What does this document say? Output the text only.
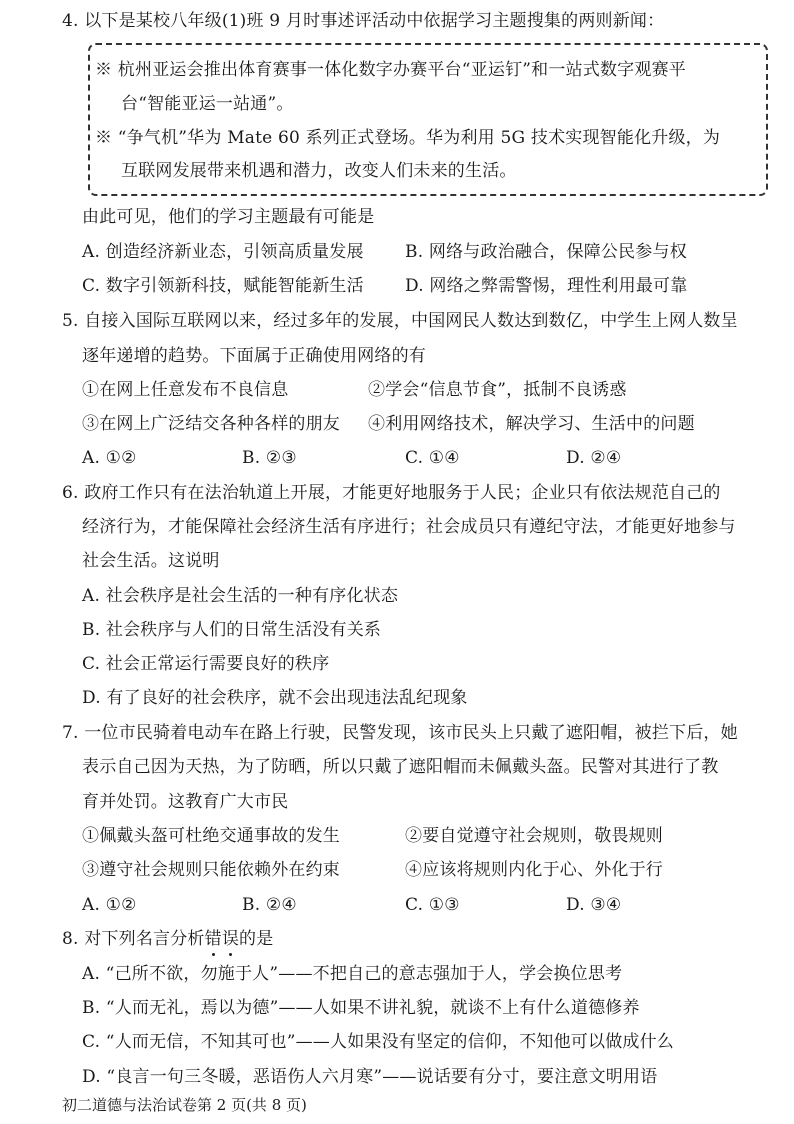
4. 以下是某校八年级(1)班 9 月时事述评活动中依据学习主题搜集的两则新闻：
※ 杭州亚运会推出体育赛事一体化数字办赛平台“亚运钉”和一站式数字观赛平
台“智能亚运一站通”。
※ “争气机”华为 Mate 60 系列正式登场。华为利用 5G 技术实现智能化升级，为
互联网发展带来机遇和潜力，改变人们未来的生活。
由此可见，他们的学习主题最有可能是
A. 创造经济新业态，引领高质量发展 B. 网络与政治融合，保障公民参与权
C. 数字引领新科技，赋能智能新生活 D. 网络之弊需警惕，理性利用最可靠
5. 自接入国际互联网以来，经过多年的发展，中国网民人数达到数亿，中学生上网人数呈
逐年递增的趋势。下面属于正确使用网络的有
①在网上任意发布不良信息	②学会“信息节食”，抵制不良诱惑
③在网上广泛结交各种各样的朋友 ④利用网络技术，解决学习、生活中的问题
A. ①②	B. ②③	C. ①④	D. ②④
6. 政府工作只有在法治轨道上开展，才能更好地服务于人民；企业只有依法规范自己的
经济行为，才能保障社会经济生活有序进行；社会成员只有遵纪守法，才能更好地参与
社会生活。这说明
A. 社会秩序是社会生活的一种有序化状态
B. 社会秩序与人们的日常生活没有关系
C. 社会正常运行需要良好的秩序
D. 有了良好的社会秩序，就不会出现违法乱纪现象
7. 一位市民骑着电动车在路上行驶，民警发现，该市民头上只戴了遮阳帽，被拦下后，她
表示自己因为天热，为了防晒，所以只戴了遮阳帽而未佩戴头盔。民警对其进行了教
育并处罚。这教育广大市民
①佩戴头盔可杜绝交通事故的发生	②要自觉遵守社会规则，敬畏规则
③遵守社会规则只能依赖外在约束	④应该将规则内化于心、外化于行
A. ①②	B. ②④	C. ①③	D. ③④
8. 对下列名言分析错
误
的是
A. “己所不欲，勿施于人”——不把自己的意志强加于人，学会换位思考
B. “人而无礼，焉以为德”——人如果不讲礼貌，就谈不上有什么道德修养
C. “人而无信，不知其可也”——人如果没有坚定的信仰，不知他可以做成什么
D. “良言一句三冬暖，恶语伤人六月寒”——说话要有分寸，要注意文明用语
初二道德与法治试卷第 2 页(共 8 页)
